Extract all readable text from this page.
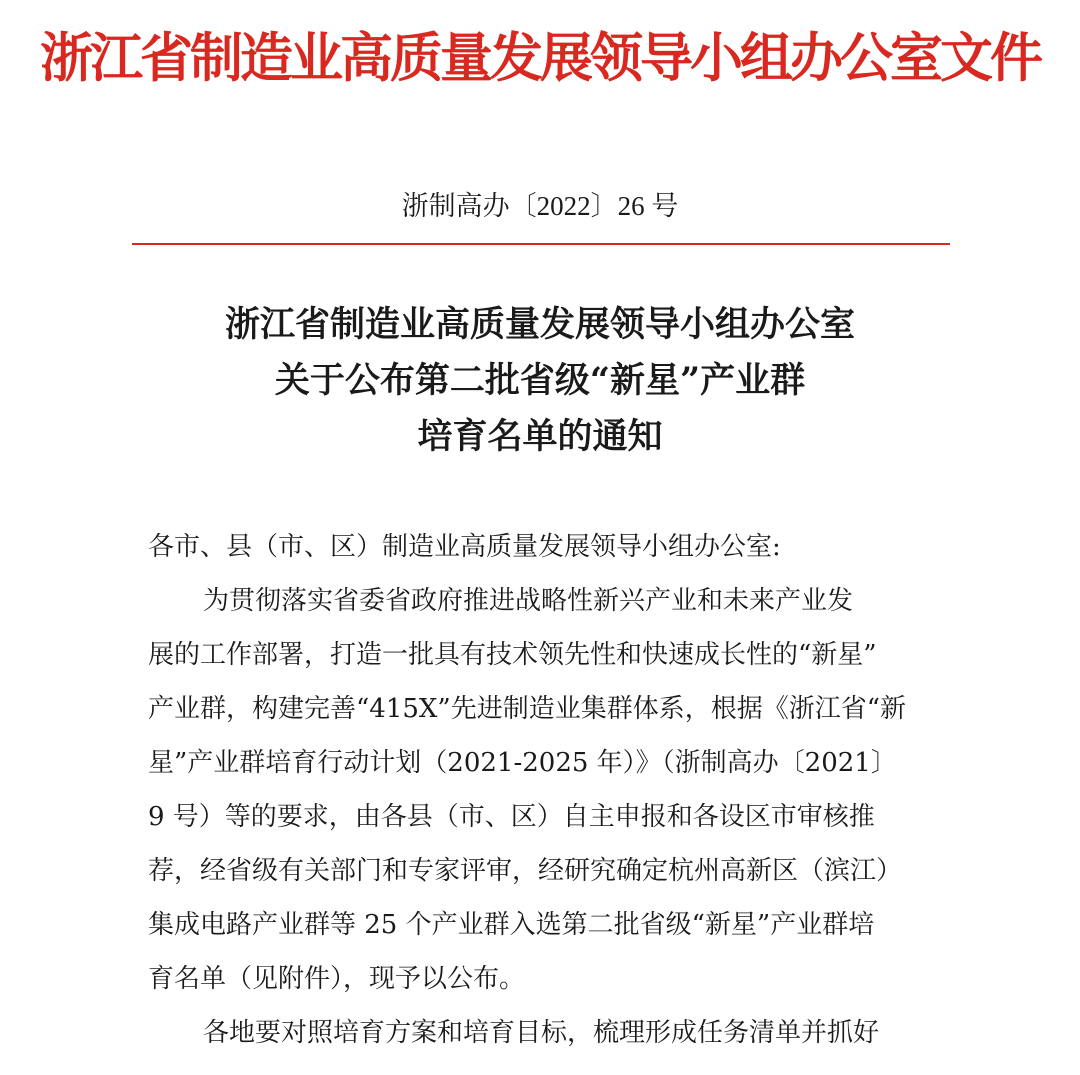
浙江省制造业高质量发展领导小组办公室文件
浙制高办〔2022〕26 号
浙江省制造业高质量发展领导小组办公室
关于公布第二批省级“新星”产业群
培育名单的通知

各市、县（市、区）制造业高质量发展领导小组办公室:

为贯彻落实省委省政府推进战略性新兴产业和未来产业发

展的工作部署，打造一批具有技术领先性和快速成长性的“新星”

产业群，构建完善“415X”先进制造业集群体系，根据《浙江省“新

星”产业群培育行动计划（2021-2025 年）》（浙制高办〔2021〕

9 号）等的要求，由各县（市、区）自主申报和各设区市审核推

荐，经省级有关部门和专家评审，经研究确定杭州高新区（滨江）

集成电路产业群等 25 个产业群入选第二批省级“新星”产业群培

育名单（见附件），现予以公布。

各地要对照培育方案和培育目标，梳理形成任务清单并抓好
